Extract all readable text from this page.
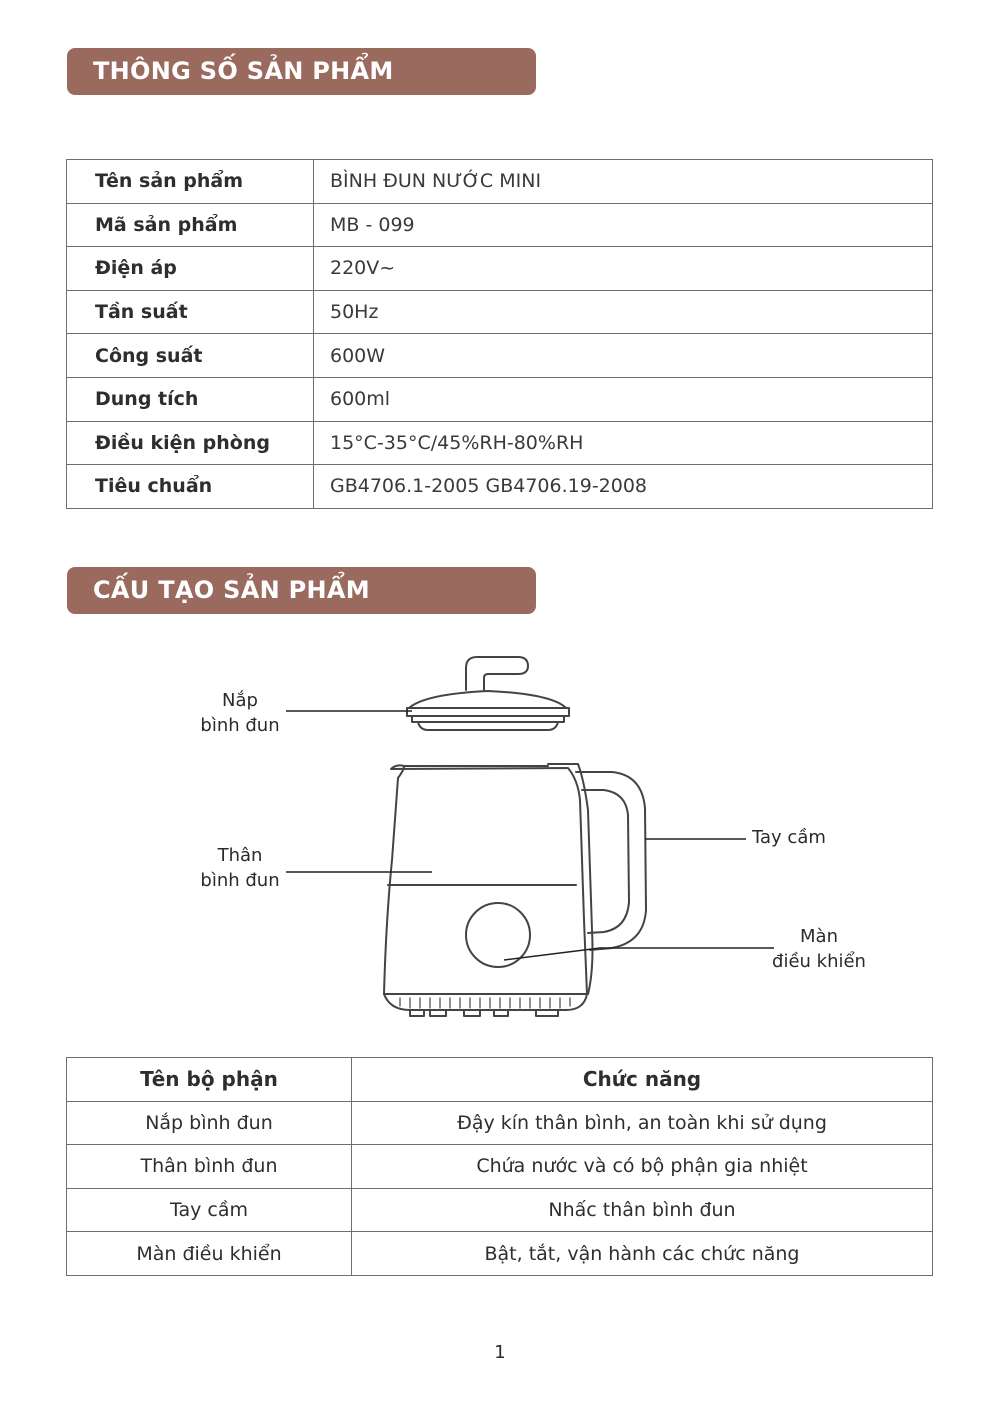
THÔNG SỐ SẢN PHẨM
Tên sản phẩm	BÌNH ĐUN NƯỚC MINI
Mã sản phẩm	MB - 099
Điện áp	220V~
Tần suất	50Hz
Công suất	600W
Dung tích	600ml
Điều kiện phòng	15°C-35°C/45%RH-80%RH
Tiêu chuẩn	GB4706.1-2005 GB4706.19-2008
CẤU TẠO SẢN PHẨM
Nắp
bình đun
Thân
bình đun
Tay cầm
Màn
điều khiển
Tên bộ phận	Chức năng
Nắp bình đun	Đậy kín thân bình, an toàn khi sử dụng
Thân bình đun	Chứa nước và có bộ phận gia nhiệt
Tay cầm	Nhấc thân bình đun
Màn điều khiển	Bật, tắt, vận hành các chức năng
1
